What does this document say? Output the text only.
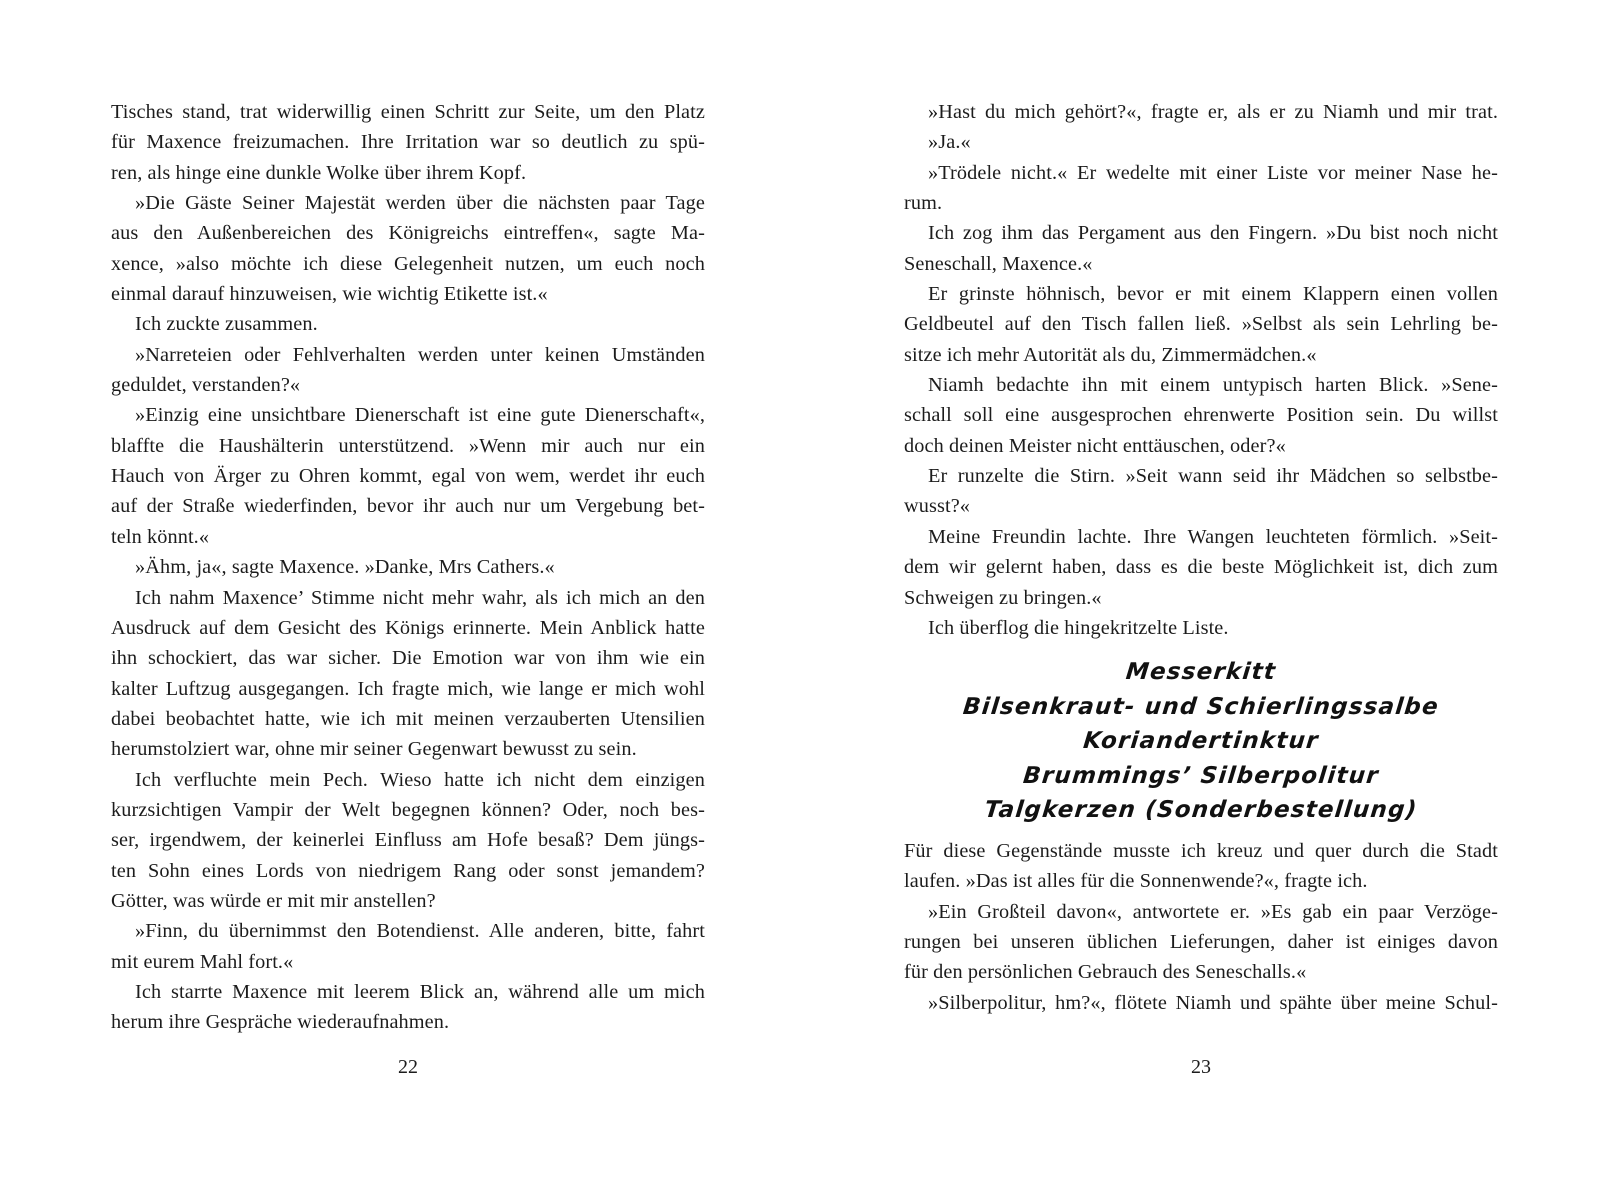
Tisches stand, trat widerwillig einen Schritt zur Seite, um den Platz
für Maxence freizumachen. Ihre Irritation war so deutlich zu spü-
ren, als hinge eine dunkle Wolke über ihrem Kopf.
»Die Gäste Seiner Majestät werden über die nächsten paar Tage
aus den Außenbereichen des Königreichs eintreffen«, sagte Ma-
xence, »also möchte ich diese Gelegenheit nutzen, um euch noch
einmal darauf hinzuweisen, wie wichtig Etikette ist.«
Ich zuckte zusammen.
»Narreteien oder Fehlverhalten werden unter keinen Umständen
geduldet, verstanden?«
»Einzig eine unsichtbare Dienerschaft ist eine gute Dienerschaft«,
blaffte die Haushälterin unterstützend. »Wenn mir auch nur ein
Hauch von Ärger zu Ohren kommt, egal von wem, werdet ihr euch
auf der Straße wiederfinden, bevor ihr auch nur um Vergebung bet-
teln könnt.«
»Ähm, ja«, sagte Maxence. »Danke, Mrs Cathers.«
Ich nahm Maxence’ Stimme nicht mehr wahr, als ich mich an den
Ausdruck auf dem Gesicht des Königs erinnerte. Mein Anblick hatte
ihn schockiert, das war sicher. Die Emotion war von ihm wie ein
kalter Luftzug ausgegangen. Ich fragte mich, wie lange er mich wohl
dabei beobachtet hatte, wie ich mit meinen verzauberten Utensilien
herumstolziert war, ohne mir seiner Gegenwart bewusst zu sein.
Ich verfluchte mein Pech. Wieso hatte ich nicht dem einzigen
kurzsichtigen Vampir der Welt begegnen können? Oder, noch bes-
ser, irgendwem, der keinerlei Einfluss am Hofe besaß? Dem jüngs-
ten Sohn eines Lords von niedrigem Rang oder sonst jemandem?
Götter, was würde er mit mir anstellen?
»Finn, du übernimmst den Botendienst. Alle anderen, bitte, fahrt
mit eurem Mahl fort.«
Ich starrte Maxence mit leerem Blick an, während alle um mich
herum ihre Gespräche wiederaufnahmen.
22
»Hast du mich gehört?«, fragte er, als er zu Niamh und mir trat.
»Ja.«
»Trödele nicht.« Er wedelte mit einer Liste vor meiner Nase he-
rum.
Ich zog ihm das Pergament aus den Fingern. »Du bist noch nicht
Seneschall, Maxence.«
Er grinste höhnisch, bevor er mit einem Klappern einen vollen
Geldbeutel auf den Tisch fallen ließ. »Selbst als sein Lehrling be-
sitze ich mehr Autorität als du, Zimmermädchen.«
Niamh bedachte ihn mit einem untypisch harten Blick. »Sene-
schall soll eine ausgesprochen ehrenwerte Position sein. Du willst
doch deinen Meister nicht enttäuschen, oder?«
Er runzelte die Stirn. »Seit wann seid ihr Mädchen so selbstbe-
wusst?«
Meine Freundin lachte. Ihre Wangen leuchteten förmlich. »Seit-
dem wir gelernt haben, dass es die beste Möglichkeit ist, dich zum
Schweigen zu bringen.«
Ich überflog die hingekritzelte Liste.
Messerkitt
Bilsenkraut- und Schierlingssalbe
Koriandertinktur
Brummings’ Silberpolitur
Talgkerzen (Sonderbestellung)
Für diese Gegenstände musste ich kreuz und quer durch die Stadt
laufen. »Das ist alles für die Sonnenwende?«, fragte ich.
»Ein Großteil davon«, antwortete er. »Es gab ein paar Verzöge-
rungen bei unseren üblichen Lieferungen, daher ist einiges davon
für den persönlichen Gebrauch des Seneschalls.«
»Silberpolitur, hm?«, flötete Niamh und spähte über meine Schul-
23
